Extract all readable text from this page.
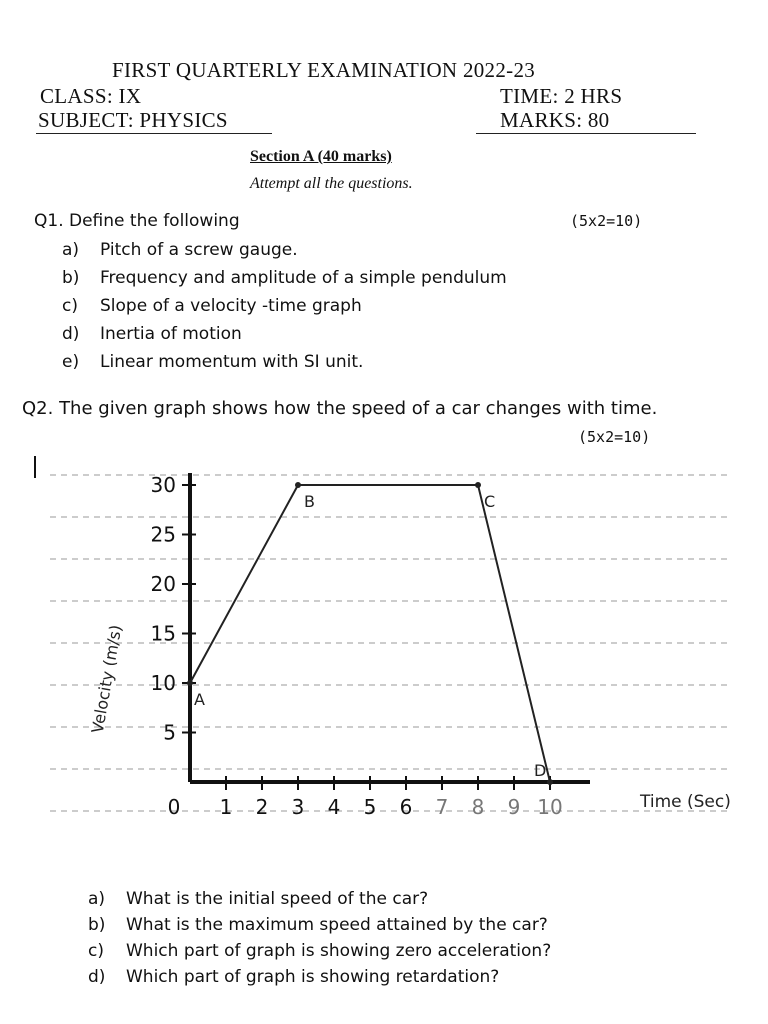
FIRST QUARTERLY EXAMINATION 2022-23
CLASS: IX	TIME: 2 HRS
SUBJECT: PHYSICS	MARKS: 80
Section A (40 marks)
Attempt all the questions.
Q1. Define the following	(5x2=10)
a) Pitch of a screw gauge.
b) Frequency and amplitude of a simple pendulum
c) Slope of a velocity -time graph
d) Inertia of motion
e) Linear momentum with SI unit.
Q2. The given graph shows how the speed of a car changes with time.
(5x2=10)
5
10
15
20
25
30
0 1 2 3 4 5 6 7 8 9 10
A
B	C
D
Velocity (m/s)
Time (Sec)
a) What is the initial speed of the car?
b) What is the maximum speed attained by the car?
c) Which part of graph is showing zero acceleration?
d) Which part of graph is showing retardation?
